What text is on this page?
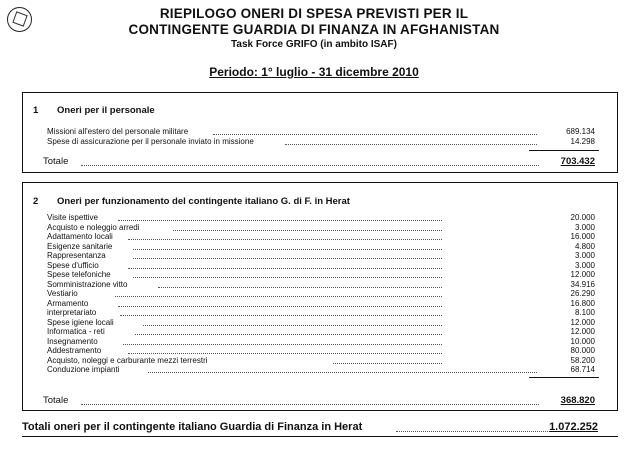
RIEPILOGO ONERI DI SPESA PREVISTI PER IL
CONTINGENTE GUARDIA DI FINANZA IN AFGHANISTAN
Task Force GRIFO (in ambito ISAF)
Periodo: 1° luglio - 31 dicembre 2010
1 Oneri per il personale
Missioni all'estero del personale militare	689.134
Spese di assicurazione per il personale inviato in missione	14.298
Totale	703.432
2 Oneri per funzionamento del contingente italiano G. di F. in Herat
Visite ispettive	20.000
Acquisto e noleggio arredi	3.000
Adattamento locali	16.000
Esigenze sanitarie	4.800
Rappresentanza	3.000
Spese d'ufficio	3.000
Spese telefoniche	12.000
Somministrazione vitto	34.916
Vestiario	26.290
Armamento	16.800
interpretariato	8.100
Spese igiene locali	12.000
Informatica - reti	12.000
Insegnamento	10.000
Addestramento	80.000
Acquisto, noleggi e carburante mezzi terrestri	58.200
Conduzione impianti	68.714
Totale	368.820
Totali oneri per il contingente italiano Guardia di Finanza in Herat	1.072.252
